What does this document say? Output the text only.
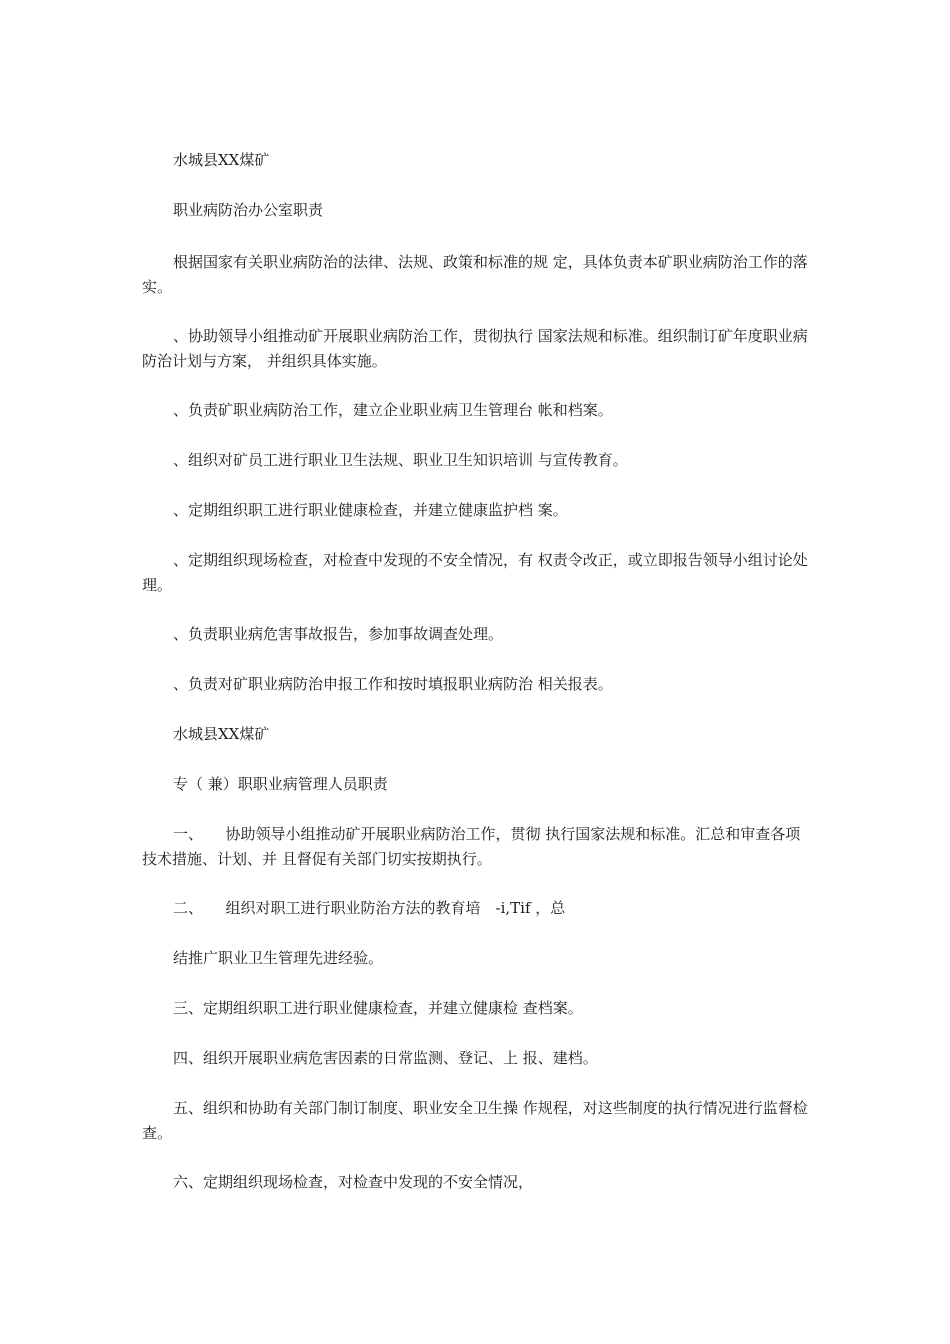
水城县XX煤矿

职业病防治办公室职责

根据国家有关职业病防治的法律、法规、政策和标准的规 定，具体负责本矿职业病防治工作的落实。

、协助领导小组推动矿开展职业病防治工作，贯彻执行 国家法规和标准。组织制订矿年度职业病防治计划与方案， 并组织具体实施。

、负责矿职业病防治工作，建立企业职业病卫生管理台 帐和档案。

、组织对矿员工进行职业卫生法规、职业卫生知识培训 与宣传教育。

、定期组织职工进行职业健康检查，并建立健康监护档 案。

、定期组织现场检查，对检查中发现的不安全情况，有 权责令改正，或立即报告领导小组讨论处理。

、负责职业病危害事故报告，参加事故调查处理。

、负责对矿职业病防治申报工作和按时填报职业病防治 相关报表。

水城县XX煤矿

专（ 兼）职职业病管理人员职责

一、　　协助领导小组推动矿开展职业病防治工作，贯彻 执行国家法规和标准。汇总和审查各项技术措施、计划、并 且督促有关部门切实按期执行。

二、　　组织对职工进行职业防治方法的教育培　-i,Tif ，总

结推广职业卫生管理先进经验。

三、定期组织职工进行职业健康检查，并建立健康检 查档案。

四、组织开展职业病危害因素的日常监测、登记、上 报、建档。

五、组织和协助有关部门制订制度、职业安全卫生操 作规程，对这些制度的执行情况进行监督检查。

六、定期组织现场检查，对检查中发现的不安全情况，
